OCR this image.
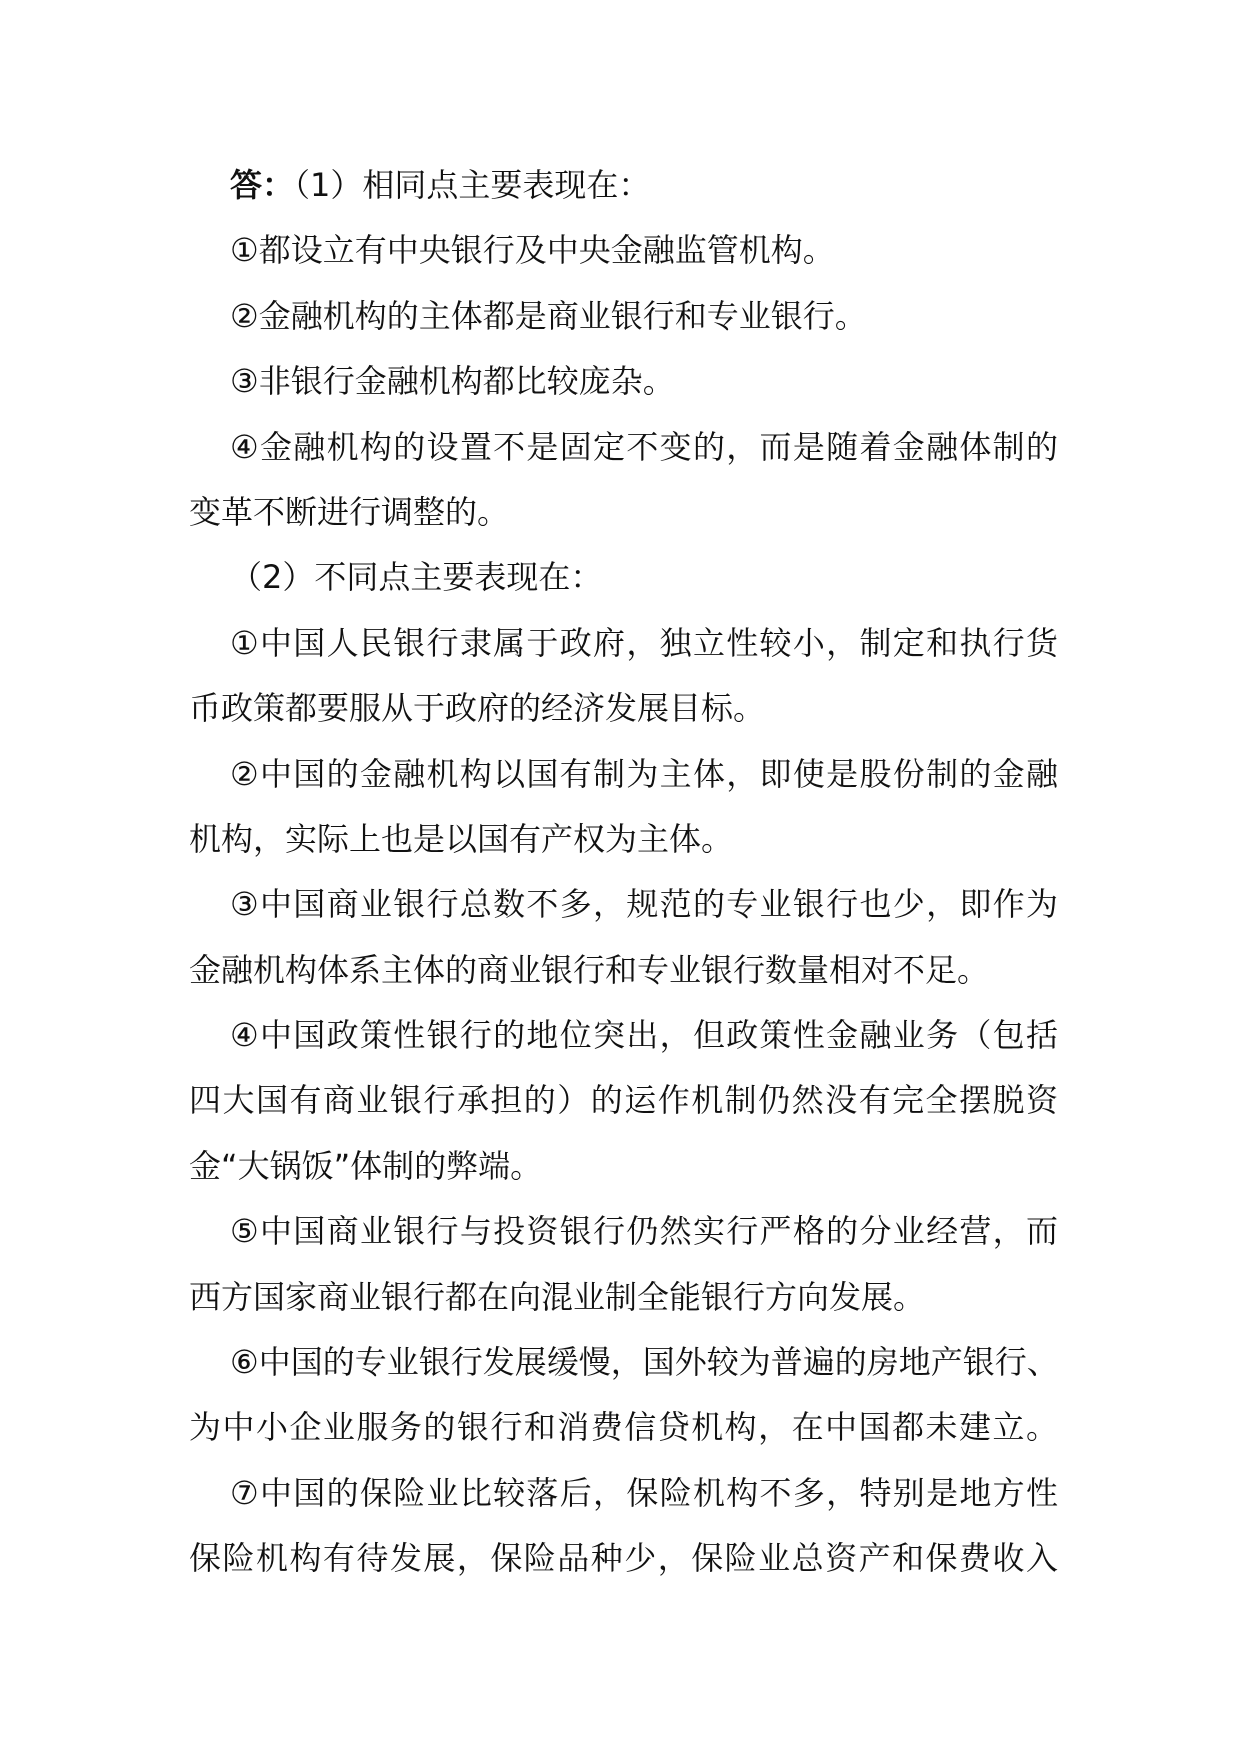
答：（1）相同点主要表现在：
①都设立有中央银行及中央金融监管机构。
②金融机构的主体都是商业银行和专业银行。
③非银行金融机构都比较庞杂。
④金融机构的设置不是固定不变的，而是随着金融体制的
变革不断进行调整的。
（2）不同点主要表现在：
①中国人民银行隶属于政府，独立性较小，制定和执行货
币政策都要服从于政府的经济发展目标。
②中国的金融机构以国有制为主体，即使是股份制的金融
机构，实际上也是以国有产权为主体。
③中国商业银行总数不多，规范的专业银行也少，即作为
金融机构体系主体的商业银行和专业银行数量相对不足。
④中国政策性银行的地位突出，但政策性金融业务（包括
四大国有商业银行承担的）的运作机制仍然没有完全摆脱资
金“大锅饭”体制的弊端。
⑤中国商业银行与投资银行仍然实行严格的分业经营，而
西方国家商业银行都在向混业制全能银行方向发展。
⑥中国的专业银行发展缓慢，国外较为普遍的房地产银行、
为中小企业服务的银行和消费信贷机构，在中国都未建立。
⑦中国的保险业比较落后，保险机构不多，特别是地方性
保险机构有待发展，保险品种少，保险业总资产和保费收入
